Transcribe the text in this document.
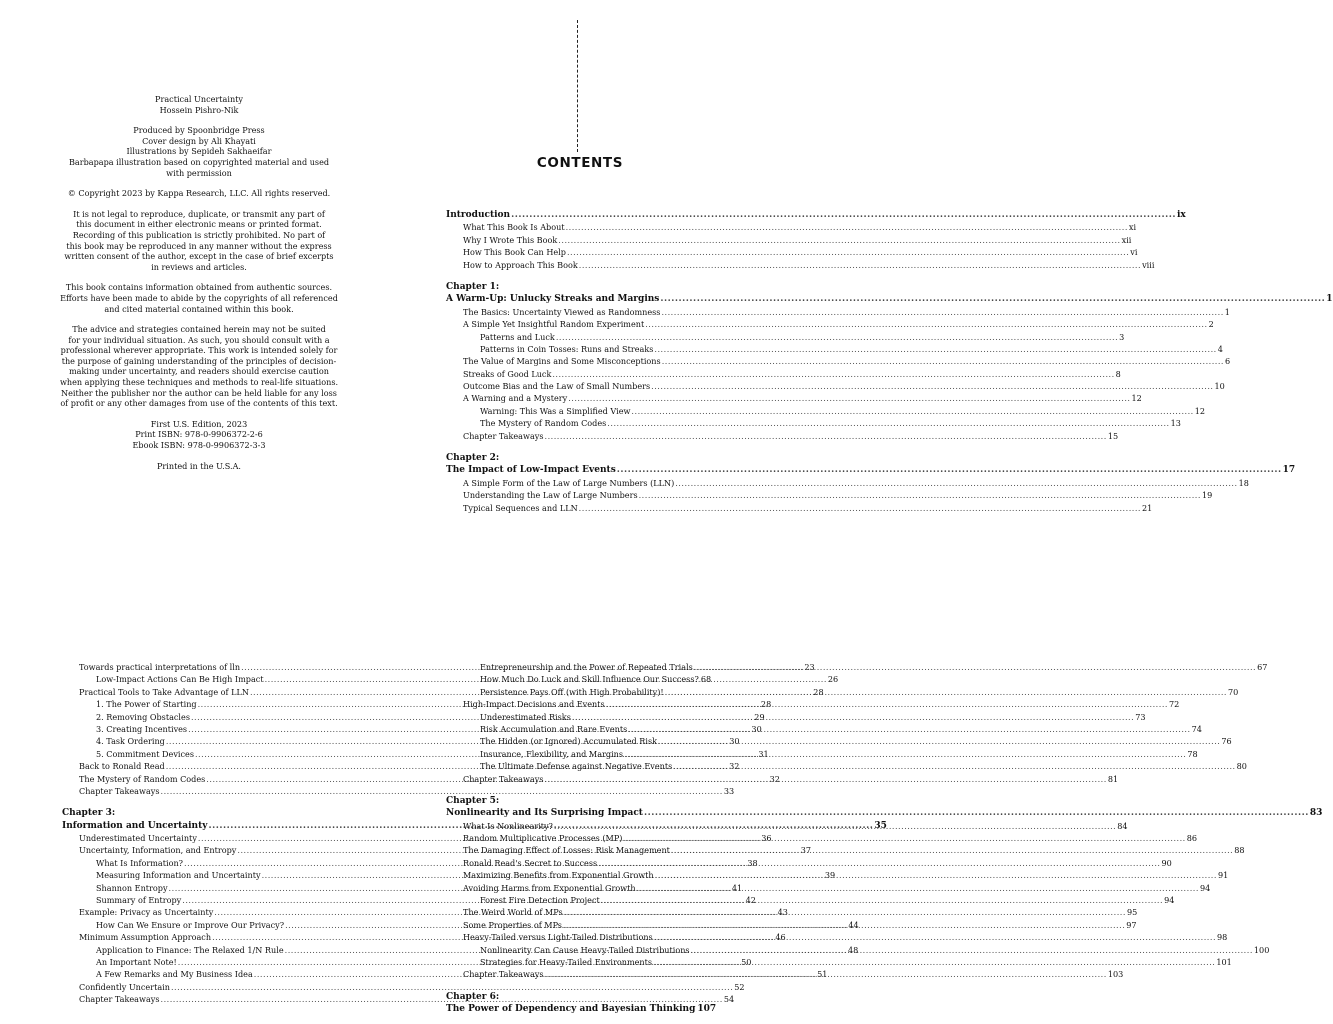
Practical Uncertainty
Hossein Pishro-Nik
Produced by Spoonbridge Press
Cover design by Ali Khayati
Illustrations by Sepideh Sakhaeifar
Barbapapa illustration based on copyrighted material and used
with permission
© Copyright 2023 by Kappa Research, LLC. All rights reserved.
It is not legal to reproduce, duplicate, or transmit any part of
this document in either electronic means or printed format.
Recording of this publication is strictly prohibited. No part of
this book may be reproduced in any manner without the express
written consent of the author, except in the case of brief excerpts
in reviews and articles.
This book contains information obtained from authentic sources.
Efforts have been made to abide by the copyrights of all referenced
and cited material contained within this book.
The advice and strategies contained herein may not be suited
for your individual situation. As such, you should consult with a
professional wherever appropriate. This work is intended solely for
the purpose of gaining understanding of the principles of decision-
making under uncertainty, and readers should exercise caution
when applying these techniques and methods to real-life situations.
Neither the publisher nor the author can be held liable for any loss
of profit or any other damages from use of the contents of this text.
First U.S. Edition, 2023
Print ISBN: 978-0-9906372-2-6
Ebook ISBN: 978-0-9906372-3-3
Printed in the U.S.A.
CONTENTS
Introduction .....	ix
What This Book Is About .....	xi
Why I Wrote This Book .....	xii
How This Book Can Help .....	vi
How to Approach This Book .....	viii
Chapter 1:
A Warm-Up: Unlucky Streaks and Margins .....	1
The Basics: Uncertainty Viewed as Randomness .....	1
A Simple Yet Insightful Random Experiment .....	2
Patterns and Luck .....	3
Patterns in Coin Tosses: Runs and Streaks .....	4
The Value of Margins and Some Misconceptions .....	6
Streaks of Good Luck .....	8
Outcome Bias and the Law of Small Numbers .....	10
A Warning and a Mystery .....	12
Warning: This Was a Simplified View .....	12
The Mystery of Random Codes .....	13
Chapter Takeaways .....	15
Chapter 2:
The Impact of Low-Impact Events .....	17
A Simple Form of the Law of Large Numbers (LLN) .....	18
Understanding the Law of Large Numbers .....	19
Typical Sequences and LLN .....	21
Towards practical interpretations of lln .....	23
Low-Impact Actions Can Be High Impact .....	26
Practical Tools to Take Advantage of LLN .....	28
1. The Power of Starting .....	28
2. Removing Obstacles .....	29
3. Creating Incentives .....	30
4. Task Ordering .....	30
5. Commitment Devices .....	31
Back to Ronald Read .....	32
The Mystery of Random Codes .....	32
Chapter Takeaways .....	33
Chapter 3:
Information and Uncertainty .....	35
Underestimated Uncertainty .....	36
Uncertainty, Information, and Entropy .....	37
What Is Information? .....	38
Measuring Information and Uncertainty .....	39
Shannon Entropy .....	41
Summary of Entropy .....	42
Example: Privacy as Uncertainty .....	43
How Can We Ensure or Improve Our Privacy? .....	44
Minimum Assumption Approach .....	46
Application to Finance: The Relaxed 1/N Rule .....	48
An Important Note! .....	50
A Few Remarks and My Business Idea .....	51
Confidently Uncertain .....	52
Chapter Takeaways .....	54
Entrepreneurship and the Power of Repeated Trials .....	67
How Much Do Luck and Skill Influence Our Success? ..... 68
Persistence Pays Off (with High Probability)! .....	70
High-Impact Decisions and Events .....	72
Underestimated Risks .....	73
Risk Accumulation and Rare Events .....	74
The Hidden (or Ignored) Accumulated Risk .....	76
Insurance, Flexibility, and Margins .....	78
The Ultimate Defense against Negative Events .....	80
Chapter Takeaways .....	81
Chapter 5:
Nonlinearity and Its Surprising Impact .....	83
What Is Nonlinearity? .....	84
Random Multiplicative Processes (MP) .....	86
The Damaging Effect of Losses: Risk Management .....	88
Ronald Read's Secret to Success .....	90
Maximizing Benefits from Exponential Growth .....	91
Avoiding Harms from Exponential Growth .....	94
Forest Fire Detection Project .....	94
The Weird World of MPs .....	95
Some Properties of MPs .....	97
Heavy-Tailed versus Light-Tailed Distributions .....	98
Nonlinearity Can Cause Heavy-Tailed Distributions .....	100
Strategies for Heavy-Tailed Environments .....	101
Chapter Takeaways .....	103
Chapter 6:
The Power of Dependency and Bayesian Thinking ..... 107
